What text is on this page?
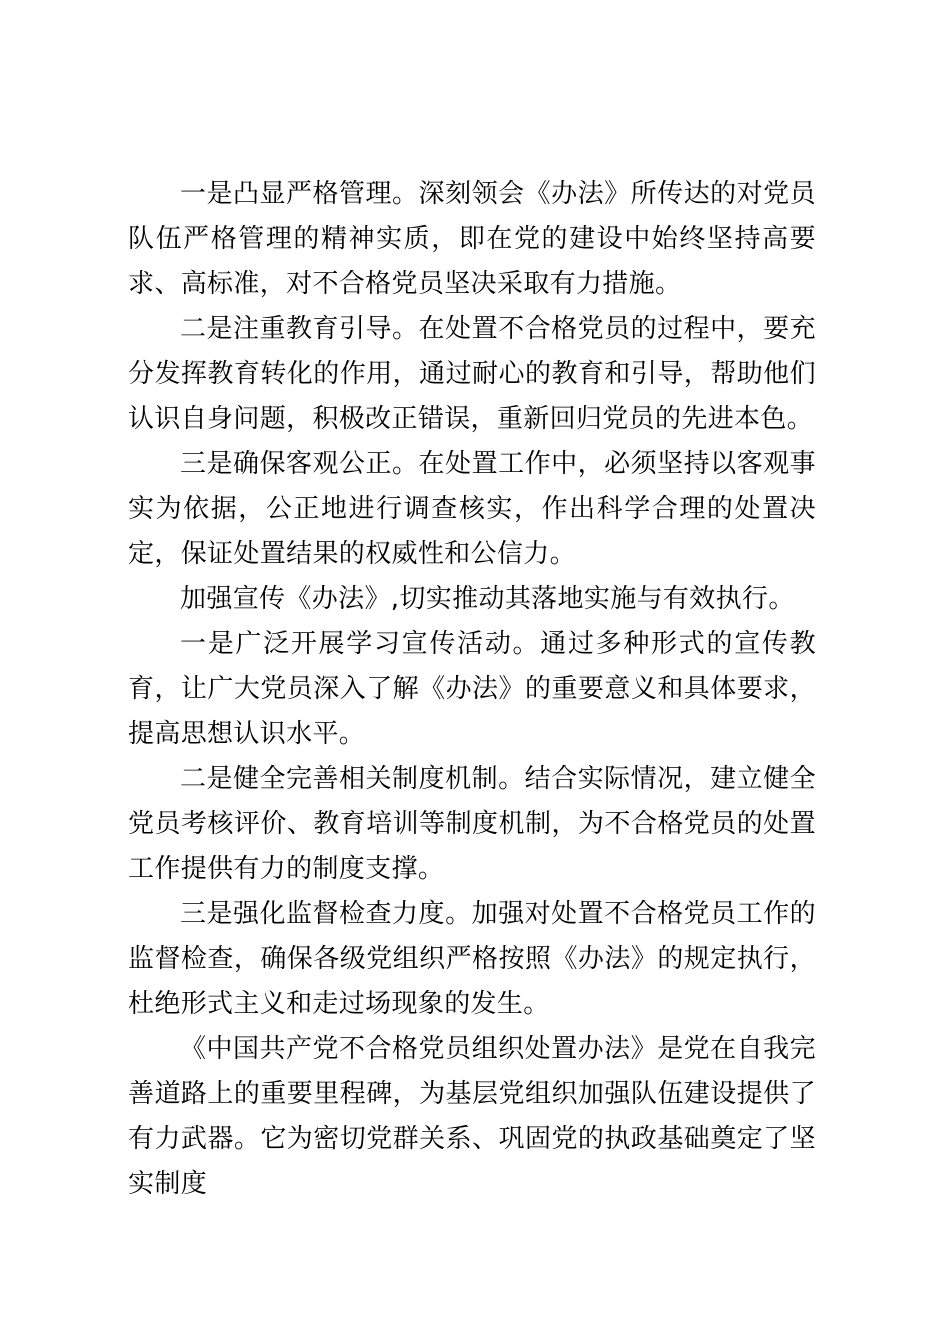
一是凸显严格管理。深刻领会《办法》所传达的对党员队伍严格管理的精神实质，即在党的建设中始终坚持高要求、高标准，对不合格党员坚决采取有力措施。

二是注重教育引导。在处置不合格党员的过程中，要充分发挥教育转化的作用，通过耐心的教育和引导，帮助他们认识自身问题，积极改正错误，重新回归党员的先进本色。

三是确保客观公正。在处置工作中，必须坚持以客观事实为依据，公正地进行调查核实，作出科学合理的处置决定，保证处置结果的权威性和公信力。

加强宣传《办法》,切实推动其落地实施与有效执行。

一是广泛开展学习宣传活动。通过多种形式的宣传教育，让广大党员深入了解《办法》的重要意义和具体要求，提高思想认识水平。

二是健全完善相关制度机制。结合实际情况，建立健全党员考核评价、教育培训等制度机制，为不合格党员的处置工作提供有力的制度支撑。

三是强化监督检查力度。加强对处置不合格党员工作的监督检查，确保各级党组织严格按照《办法》的规定执行，杜绝形式主义和走过场现象的发生。

《中国共产党不合格党员组织处置办法》是党在自我完善道路上的重要里程碑，为基层党组织加强队伍建设提供了有力武器。它为密切党群关系、巩固党的执政基础奠定了坚实制度
